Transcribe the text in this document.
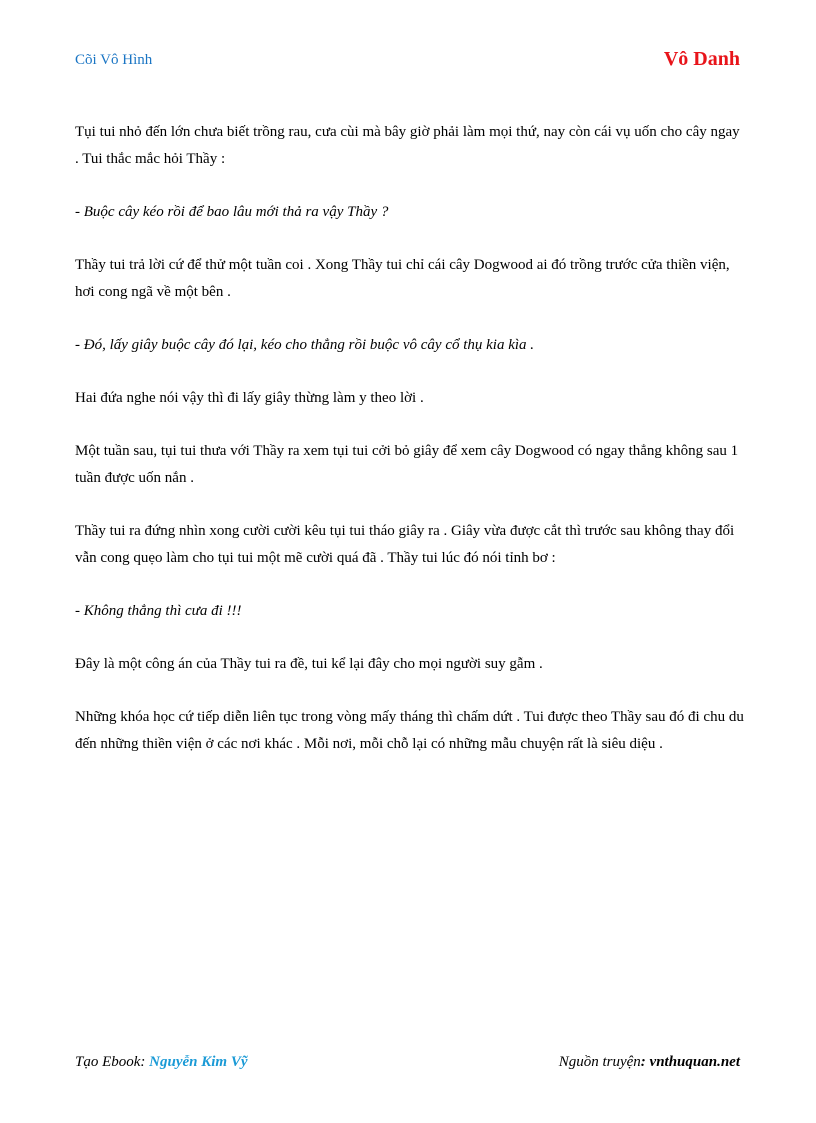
Cõi Vô Hình	Vô Danh

Tụi tui nhỏ đến lớn chưa biết trồng rau, cưa cùi mà bây giờ phải làm mọi thứ, nay còn cái vụ uốn cho cây ngay . Tui thắc mắc hỏi Thầy :

- Buộc cây kéo rồi để bao lâu mới thả ra vậy Thầy ?

Thầy tui trả lời cứ để thử một tuần coi . Xong Thầy tui chỉ cái cây Dogwood ai đó trồng trước cửa thiền viện, hơi cong ngã về một bên .

- Đó, lấy giây buộc cây đó lại, kéo cho thẳng rồi buộc vô cây cổ thụ kia kìa .

Hai đứa nghe nói vậy thì đi lấy giây thừng làm y theo lời .

Một tuần sau, tụi tui thưa với Thầy ra xem tụi tui cởi bỏ giây để xem cây Dogwood có ngay thẳng không sau 1 tuần được uốn nắn .

Thầy tui ra đứng nhìn xong cười cười kêu tụi tui tháo giây ra . Giây vừa được cắt thì trước sau không thay đổi vẫn cong quẹo làm cho tụi tui một mẽ cười quá đã . Thầy tui lúc đó nói tỉnh bơ :

- Không thẳng thì cưa đi !!!

Đây là một công án của Thầy tui ra đề, tui kể lại đây cho mọi người suy gẫm .

Những khóa học cứ tiếp diễn liên tục trong vòng mấy tháng thì chấm dứt . Tui được theo Thầy sau đó đi chu du đến những thiền viện ở các nơi khác . Mỗi nơi, mỗi chỗ lại có những mẫu chuyện rất là siêu diệu .

Tạo Ebook: Nguyễn Kim Vỹ	Nguồn truyện: vnthuquan.net
